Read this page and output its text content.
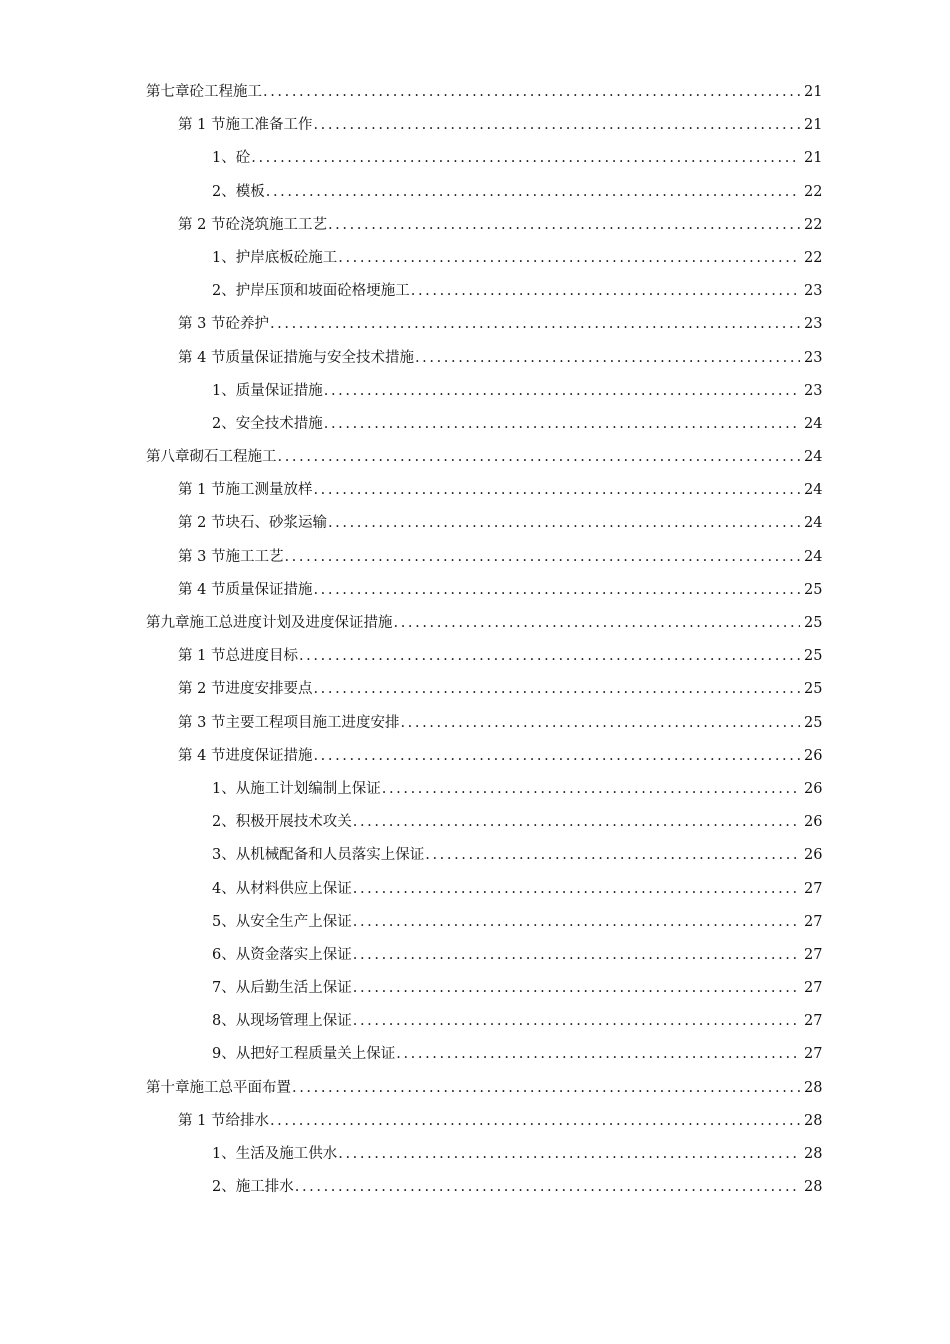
第七章 砼工程施工 .....	21
第 1 节 施工准备工作 .....	21
1、 砼 .....	21
2、 模板 .....	22
第 2 节 砼浇筑施工工艺 .....	22
1、 护岸底板砼施工 .....	22
2、 护岸压顶和坡面砼格埂施工 .....	23
第 3 节 砼养护 .....	23
第 4 节 质量保证措施与安全技术措施 .....	23
1、 质量保证措施 .....	23
2、 安全技术措施 .....	24
第八章 砌石工程施工 .....	24
第 1 节 施工测量放样 .....	24
第 2 节 块石、砂浆运输 .....	24
第 3 节 施工工艺 .....	24
第 4 节 质量保证措施 .....	25
第九章 施工总进度计划及进度保证措施 .....	25
第 1 节 总进度目标 .....	25
第 2 节 进度安排要点 .....	25
第 3 节 主要工程项目施工进度安排 .....	25
第 4 节 进度保证措施 .....	26
1、 从施工计划编制上保证 .....	26
2、 积极开展技术攻关 .....	26
3、 从机械配备和人员落实上保证 .....	26
4、 从材料供应上保证 .....	27
5、 从安全生产上保证 .....	27
6、 从资金落实上保证 .....	27
7、 从后勤生活上保证 .....	27
8、 从现场管理上保证 .....	27
9、 从把好工程质量关上保证 .....	27
第十章 施工总平面布置 .....	28
第 1 节 给排水 .....	28
1、 生活及施工供水 .....	28
2、 施工排水 .....	28
